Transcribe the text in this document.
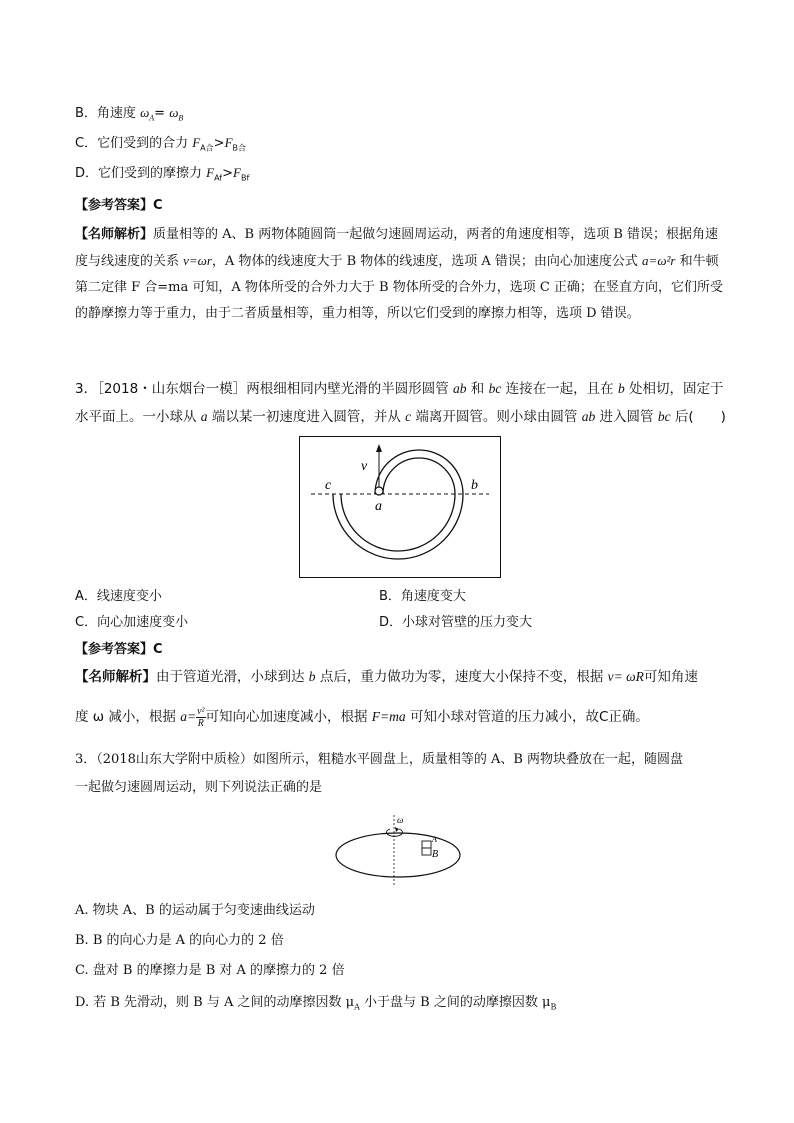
B．角速度 $\omega_A= \omega_B$
C．它们受到的合力 $F_{A合}>F_{B合}$
D．它们受到的摩擦力 $F_{Af}>F_{Bf}$
【参考答案】C
【名师解析】质量相等的 A、B 两物体随圆筒一起做匀速圆周运动，两者的角速度相等，选项 B 错误；根据角速度与线速度的关系 v=ωr，A 物体的线速度大于 B 物体的线速度，选项 A 错误；由向心加速度公式 a=ω²r 和牛顿第二定律 F 合=ma 可知，A 物体所受的合外力大于 B 物体所受的合外力，选项 C 正确；在竖直方向，它们所受的静摩擦力等于重力，由于二者质量相等，重力相等，所以它们受到的摩擦力相等，选项 D 错误。
3．［2018・山东烟台一模］两根细相同内壁光滑的半圆形圆管 ab 和 bc 连接在一起，且在 b 处相切，固定于
水平面上。一小球从 a 端以某一初速度进入圆管，并从 c 端离开圆管。则小球由圆管 ab 进入圆管 bc 后(　　)
v
c	b
a
A．线速度变小	B．角速度变大
C．向心加速度变小	D．小球对管壁的压力变大
【参考答案】C
【名师解析】由于管道光滑，小球到达 b 点后，重力做功为零，速度大小保持不变，根据 v= ωR可知角速
度 ω 减小，根据 $a= \frac{\text{v²}}{R}$ 可知向心加速度减小，根据 F=ma 可知小球对管道的压力减小，故C正确。
3．（2018山东大学附中质检）如图所示，粗糙水平圆盘上，质量相等的 A、B 两物块叠放在一起，随圆盘
一起做匀速圆周运动，则下列说法正确的是
ω
A
B
A. 物块 A、B 的运动属于匀变速曲线运动
B. B 的向心力是 A 的向心力的 2 倍
C. 盘对 B 的摩擦力是 B 对 A 的摩擦力的 2 倍
D. 若 B 先滑动，则 B 与 A 之间的动摩擦因数 $\mu_A$ 小于盘与 B 之间的动摩擦因数 $\mu_B$
